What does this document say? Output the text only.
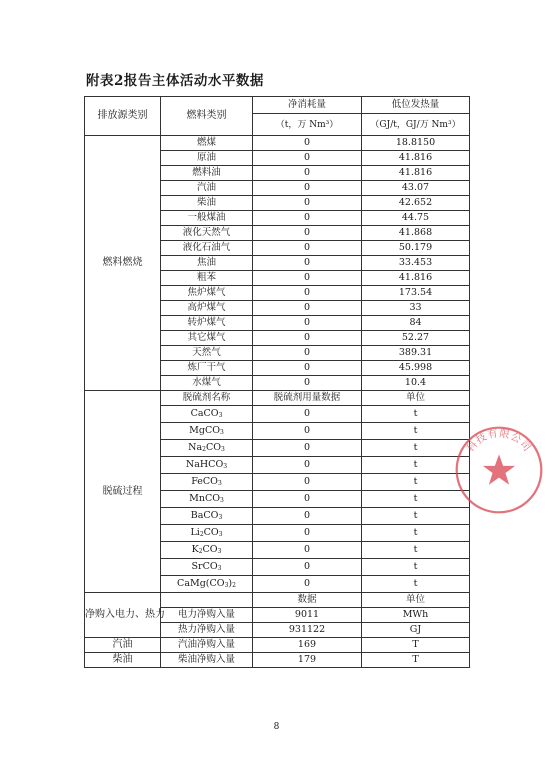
附表2报告主体活动水平数据
排放源类别	燃料类别	净消耗量	低位发热量
		（t，万 Nm³）	（GJ/t，GJ/万 Nm³）
燃料燃烧	燃煤	0	18.8150
	原油	0	41.816
	燃料油	0	41.816
	汽油	0	43.07
	柴油	0	42.652
	一般煤油	0	44.75
	液化天然气	0	41.868
	液化石油气	0	50.179
	焦油	0	33.453
	粗苯	0	41.816
	焦炉煤气	0	173.54
	高炉煤气	0	33
	转炉煤气	0	84
	其它煤气	0	52.27
	天然气	0	389.31
	炼厂干气	0	45.998
	水煤气	0	10.4
脱硫过程	脱硫剂名称	脱硫剂用量数据	单位
	CaCO$_3$	0	t
	MgCO$_3$	0	t
	$Na_2CO_3$	0	t
	NaHCO$_3$	0	t
	FeCO$_3$	0	t
	MnCO$_3$	0	t
	BaCO$_3$	0	t
	$Li_2CO_3$	0	t
	$K_2CO_3$	0	t
	SrCO$_3$	0	t
	$CaMg(CO_3)_2$	0	t
净购入电力、热力		数据	单位
	电力净购入量	9011	MWh
	热力净购入量	931122	GJ
汽油	汽油净购入量	169	T
柴油	柴油净购入量	179	T
科技有限公司
8
